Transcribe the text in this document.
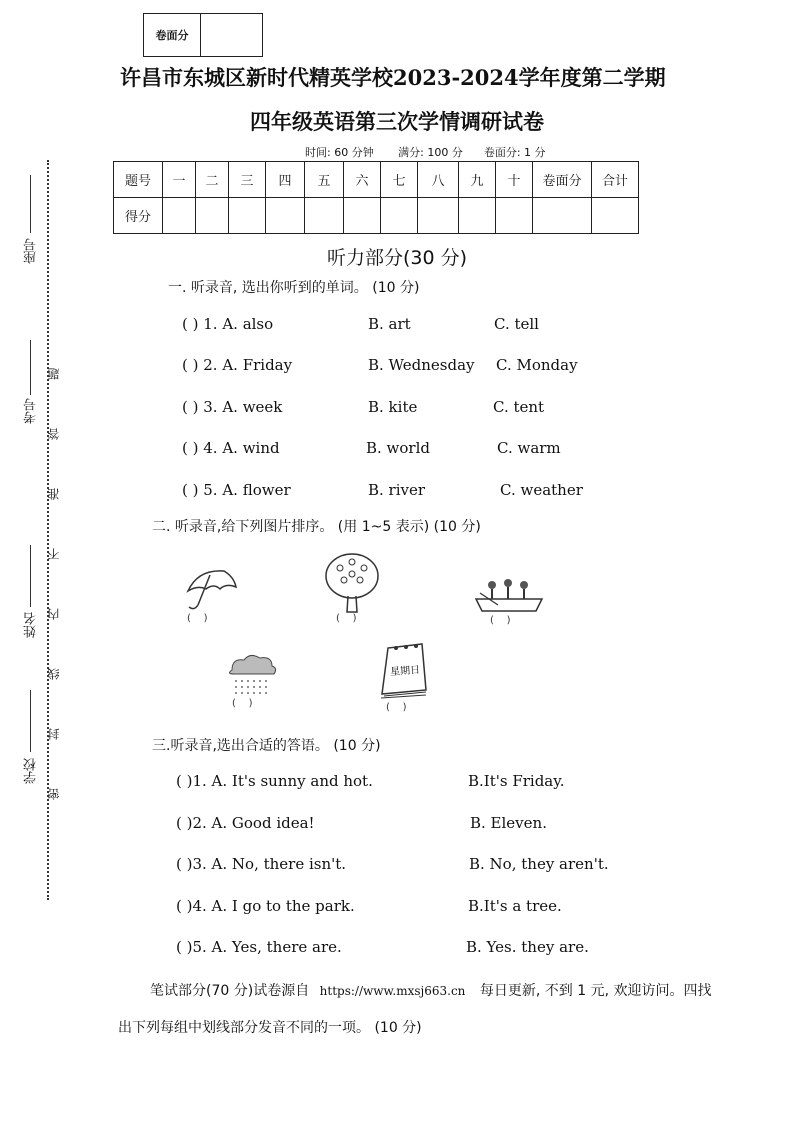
卷面分
许昌市东城区新时代精英学校2023-2024学年度第二学期
四年级英语第三次学情调研试卷
时间: 60 分钟       满分: 100 分      卷面分: 1 分
题号	一	二	三	四	五	六	七	八	九	十	卷面分	合计
得分												
座号
考号
姓名
学校
题
答
准
不
内
线
封
密
听力部分(30 分)
一. 听录音, 选出你听到的单词。 (10 分)
( ) 1. A. also	B. art	C. tell
( ) 2. A. Friday	B. Wednesday C. Monday
( ) 3. A. week	B. kite	C. tent
( ) 4. A. wind	B. world	C. warm
( ) 5. A. flower	B. river	C. weather
二. 听录音,给下列图片排序。 (用 1~5 表示) (10 分)
(    )	(    )	(    )
(    )
星期日
(    )
三.听录音,选出合适的答语。 (10 分)
( )1. A. It's sunny and hot.	B.It's Friday.
( )2. A. Good idea!	B. Eleven.
( )3. A. No, there isn't.	B. No, they aren't.
( )4. A. I go to the park.	B.It's a tree.
( )5. A. Yes, there are.	B. Yes. they are.
笔试部分(70 分)试卷源自 https://www.mxsj663.cn 每日更新, 不到 1 元, 欢迎访问。四找
出下列每组中划线部分发音不同的一项。 (10 分)
